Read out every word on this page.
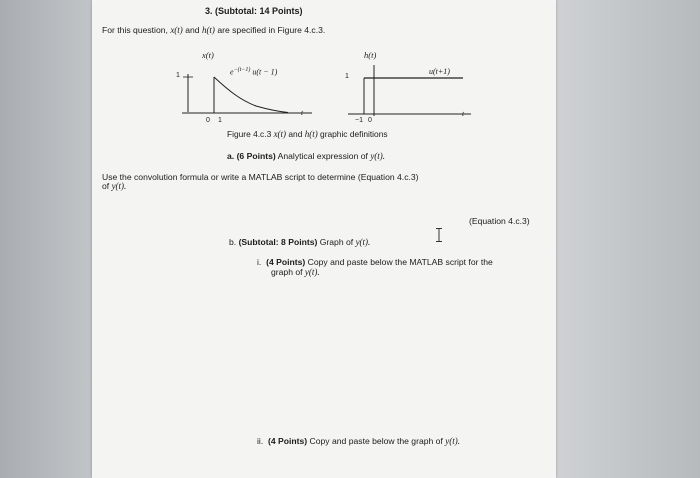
3. (Subtotal: 14 Points)
For this question, x(t) and h(t) are specified in Figure 4.c.3.
x(t)	h(t)
$e^{-(t-1)}$ u(t − 1)	u(t+1)
1	1
0 1
t
−1 0
t
Figure 4.c.3 x(t) and h(t) graphic definitions
a. (6 Points) Analytical expression of y(t).
Use the convolution formula or write a MATLAB script to determine (Equation 4.c.3)
of y(t).
(Equation 4.c.3)
b. (Subtotal: 8 Points) Graph of y(t).
i. (4 Points) Copy and paste below the MATLAB script for the
graph of y(t).
ii. (4 Points) Copy and paste below the graph of y(t).
